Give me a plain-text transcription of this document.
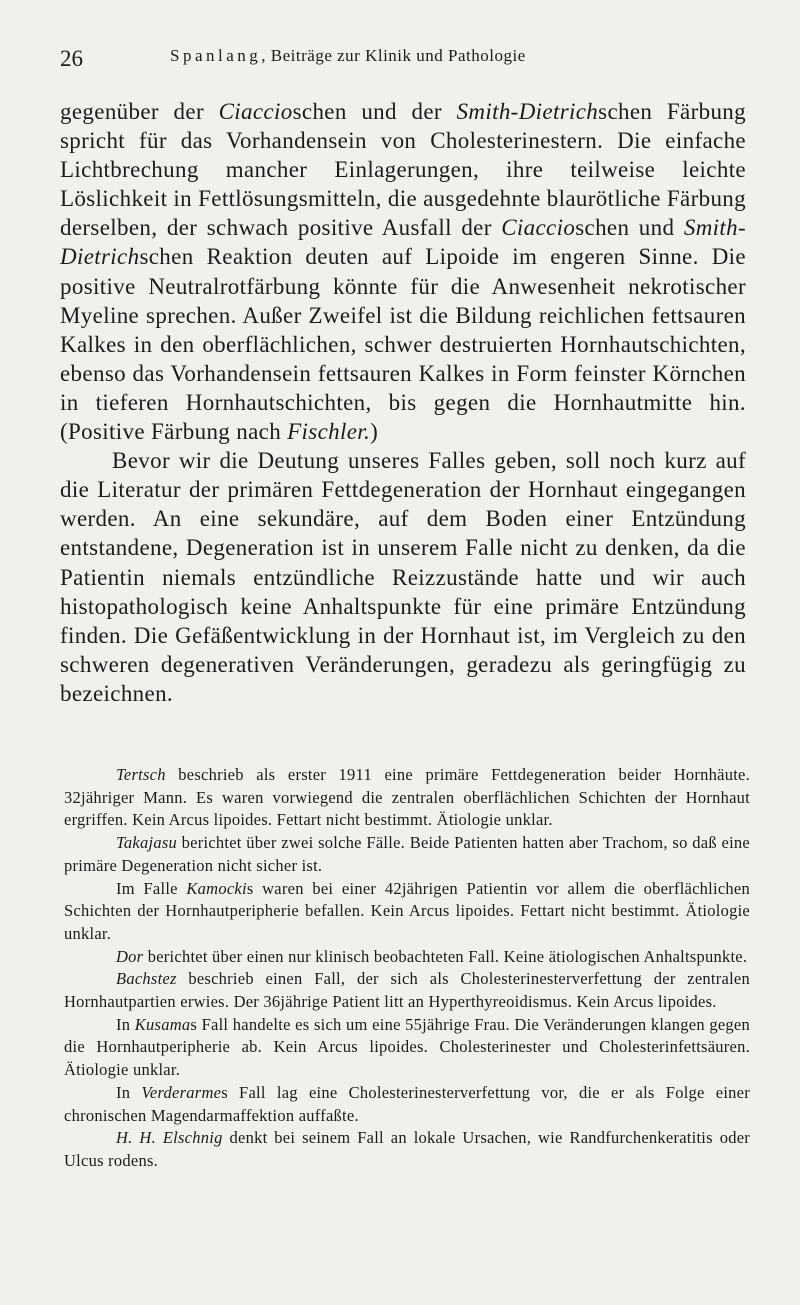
26	Spanlang, Beiträge zur Klinik und Pathologie

gegenüber der Ciaccioschen und der Smith-Dietrichschen Färbung spricht für das Vorhandensein von Cholesterinestern. Die einfache Lichtbrechung mancher Einlagerungen, ihre teilweise leichte Löslichkeit in Fettlösungsmitteln, die ausgedehnte blaurötliche Färbung derselben, der schwach positive Ausfall der Ciaccioschen und Smith-Dietrichschen Reaktion deuten auf Lipoide im engeren Sinne. Die positive Neutralrotfärbung könnte für die Anwesenheit nekrotischer Myeline sprechen. Außer Zweifel ist die Bildung reichlichen fettsauren Kalkes in den oberflächlichen, schwer destruierten Hornhautschichten, ebenso das Vorhandensein fettsauren Kalkes in Form feinster Körnchen in tieferen Hornhautschichten, bis gegen die Hornhautmitte hin. (Positive Färbung nach Fischler.)

Bevor wir die Deutung unseres Falles geben, soll noch kurz auf die Literatur der primären Fettdegeneration der Hornhaut eingegangen werden. An eine sekundäre, auf dem Boden einer Entzündung entstandene, Degeneration ist in unserem Falle nicht zu denken, da die Patientin niemals entzündliche Reizzustände hatte und wir auch histopathologisch keine Anhaltspunkte für eine primäre Entzündung finden. Die Gefäßentwicklung in der Hornhaut ist, im Vergleich zu den schweren degenerativen Veränderungen, geradezu als geringfügig zu bezeichnen.

Tertsch beschrieb als erster 1911 eine primäre Fettdegeneration beider Hornhäute. 32jähriger Mann. Es waren vorwiegend die zentralen oberflächlichen Schichten der Hornhaut ergriffen. Kein Arcus lipoides. Fettart nicht bestimmt. Ätiologie unklar.

Takajasu berichtet über zwei solche Fälle. Beide Patienten hatten aber Trachom, so daß eine primäre Degeneration nicht sicher ist.

Im Falle Kamockis waren bei einer 42jährigen Patientin vor allem die oberflächlichen Schichten der Hornhautperipherie befallen. Kein Arcus lipoides. Fettart nicht bestimmt. Ätiologie unklar.

Dor berichtet über einen nur klinisch beobachteten Fall. Keine ätiologischen Anhaltspunkte.

Bachstez beschrieb einen Fall, der sich als Cholesterinesterverfettung der zentralen Hornhautpartien erwies. Der 36jährige Patient litt an Hyperthyreoidismus. Kein Arcus lipoides.

In Kusamas Fall handelte es sich um eine 55jährige Frau. Die Veränderungen klangen gegen die Hornhautperipherie ab. Kein Arcus lipoides. Cholesterinester und Cholesterinfettsäuren. Ätiologie unklar.

In Verderarmes Fall lag eine Cholesterinesterverfettung vor, die er als Folge einer chronischen Magendarmaffektion auffaßte.

H. H. Elschnig denkt bei seinem Fall an lokale Ursachen, wie Randfurchenkeratitis oder Ulcus rodens.
